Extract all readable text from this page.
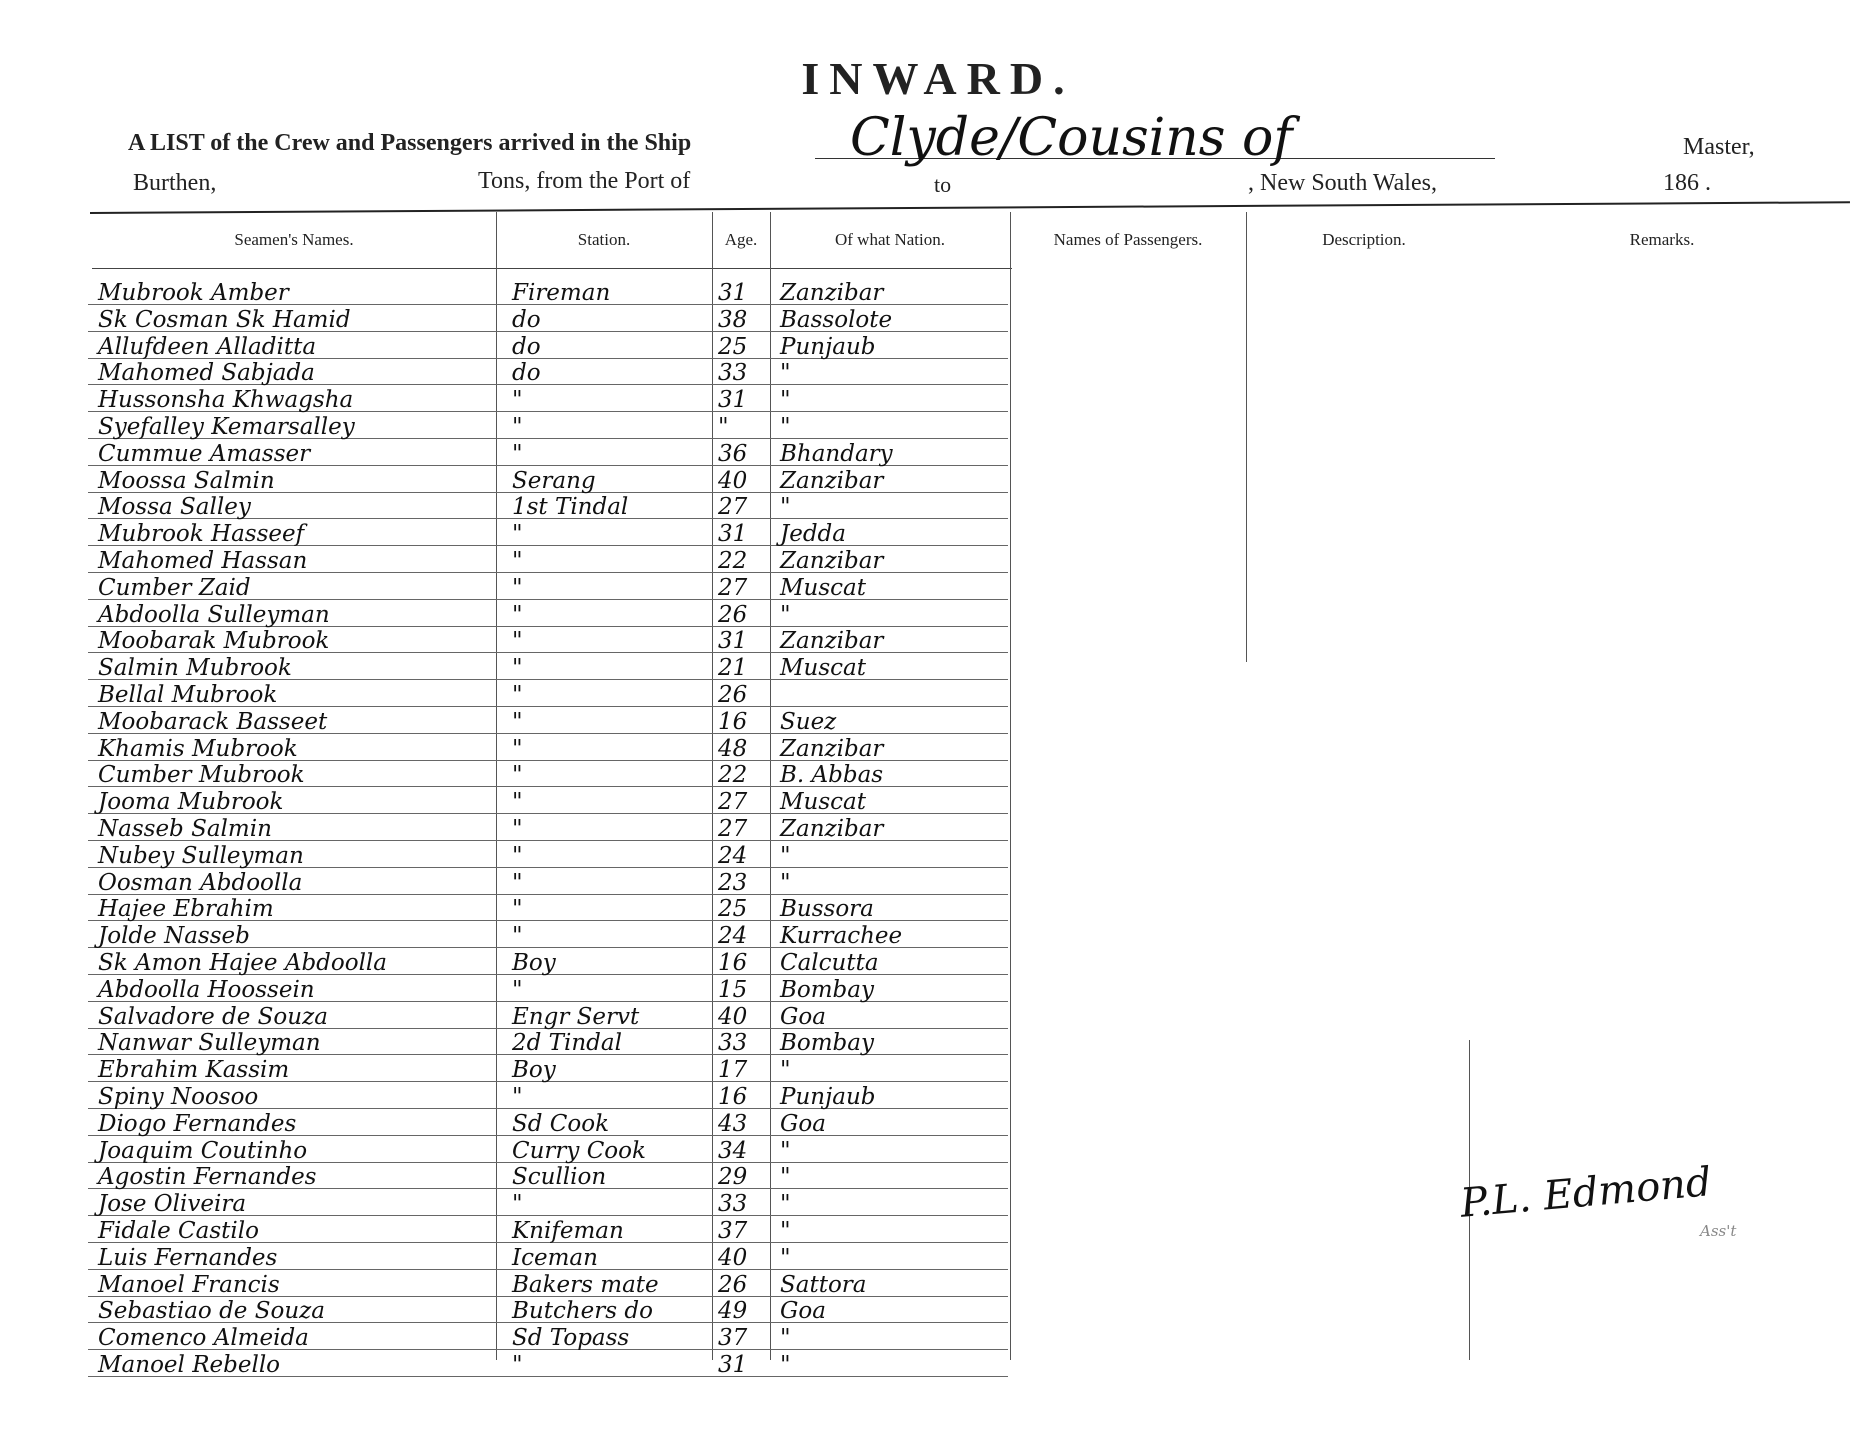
INWARD.
A LIST of the Crew and Passengers arrived in the Ship	Clyde/Cousins of	Master,
Burthen,	Tons, from the Port of	to	, New South Wales,	186 .
Seamen's Names.	Station.	Age.	Of what Nation.	Names of Passengers.	Description.	Remarks.
Mubrook Amber	Fireman	31 Zanzibar
Sk Cosman Sk Hamid	do	38 Bassolote
Allufdeen Alladitta	do	25 Punjaub
Mahomed Sabjada	do	33 "
Hussonsha Khwagsha	"	31 "
Syefalley Kemarsalley	"	" "
Cummue Amasser	"	36 Bhandary
Moossa Salmin	Serang	40 Zanzibar
Mossa Salley	1st Tindal	27 "
Mubrook Hasseef	"	31 Jedda
Mahomed Hassan	"	22 Zanzibar
Cumber Zaid	"	27 Muscat
Abdoolla Sulleyman	"	26 "
Moobarak Mubrook	"	31 Zanzibar
Salmin Mubrook	"	21 Muscat
Bellal Mubrook	"	26
Moobarack Basseet	"	16 Suez
Khamis Mubrook	"	48 Zanzibar
Cumber Mubrook	"	22 B. Abbas
Jooma Mubrook	"	27 Muscat
Nasseb Salmin	"	27 Zanzibar
Nubey Sulleyman	"	24 "
Oosman Abdoolla	"	23 "
Hajee Ebrahim	"	25 Bussora
Jolde Nasseb	"	24 Kurrachee
Sk Amon Hajee Abdoolla	Boy	16 Calcutta
Abdoolla Hoossein	"	15 Bombay
Salvadore de Souza	Engr Servt	40 Goa
Nanwar Sulleyman	2d Tindal	33 Bombay
Ebrahim Kassim	Boy	17 "
Spiny Noosoo	"	16 Punjaub
Diogo Fernandes	Sd Cook	43 Goa
Joaquim Coutinho	Curry Cook	34 "
Agostin Fernandes	Scullion	29 "
Jose Oliveira	"	33 "
Fidale Castilo	Knifeman	37 "
Luis Fernandes	Iceman	40 "
Manoel Francis	Bakers mate	26 Sattora
Sebastiao de Souza	Butchers do	49 Goa
Comenco Almeida	Sd Topass	37 "
Manoel Rebello	"	31 "
P.L. Edmond
Ass't
